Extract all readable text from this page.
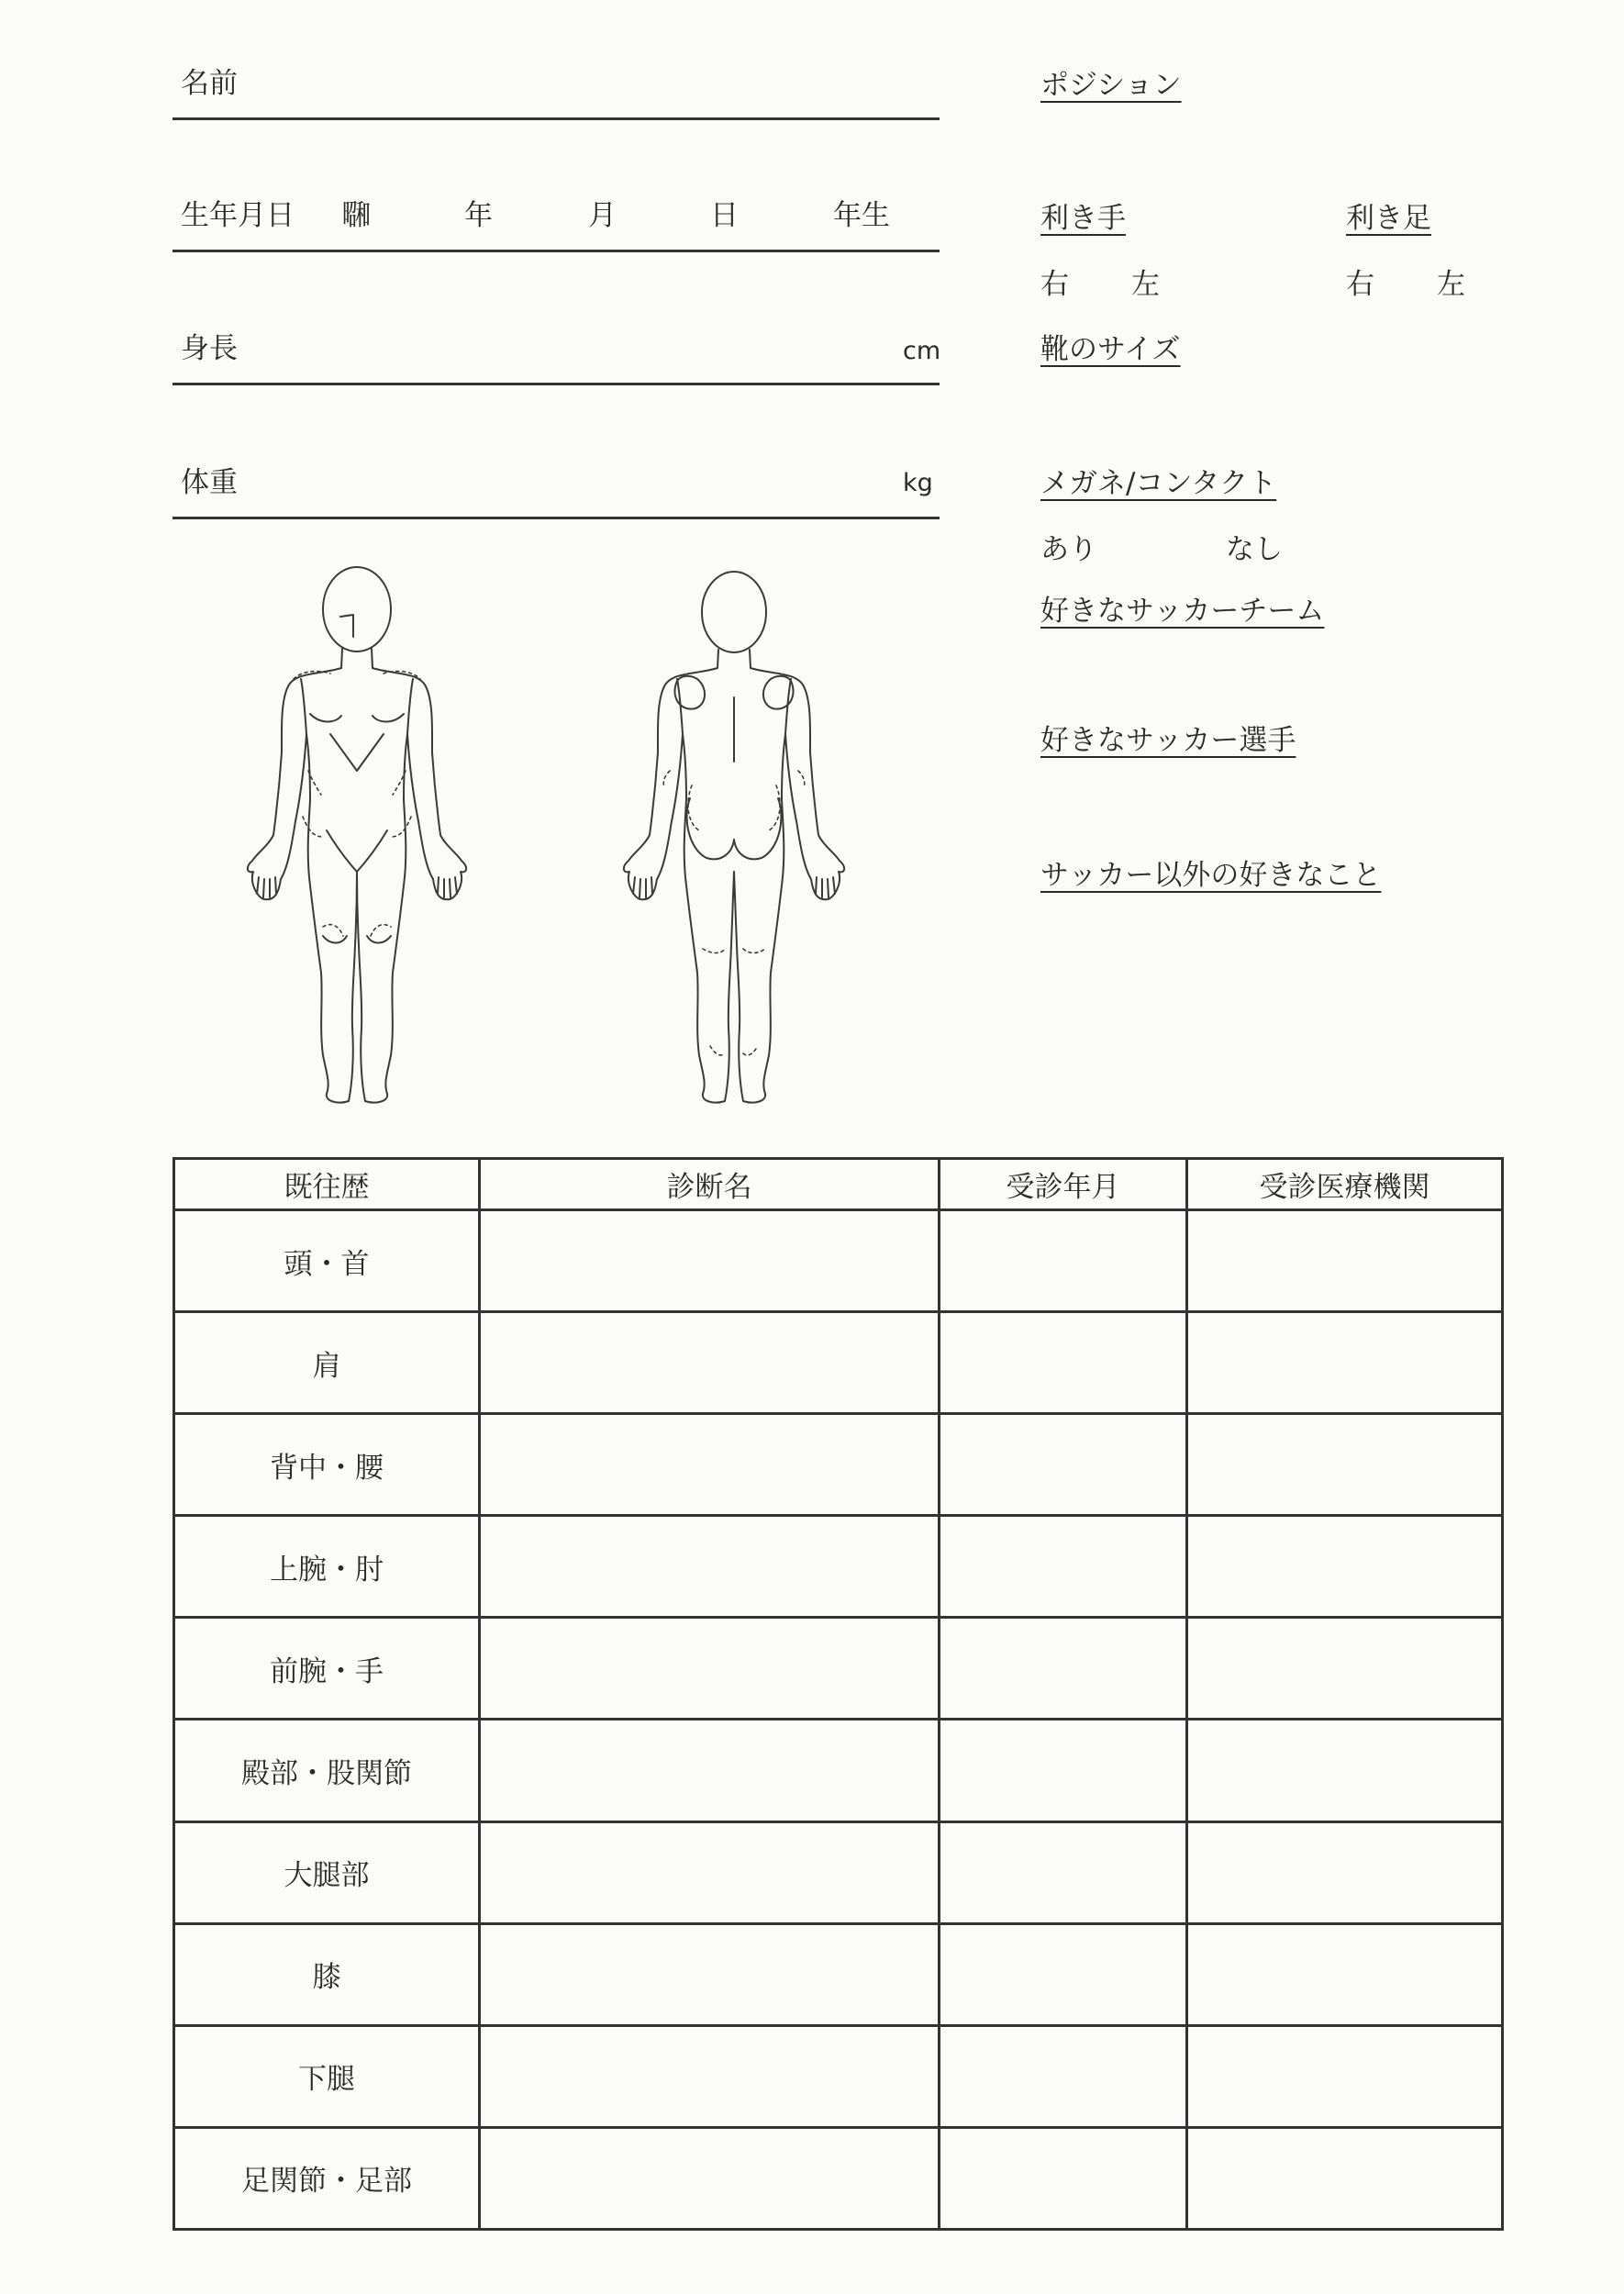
名前
生年月日 ㍼	年	月	日	年生
身長	cm
体重	kg
ポジション
利き手	利き足
右 左	右 左
靴のサイズ
メガネ/コンタクト
あり	なし
好きなサッカーチーム
好きなサッカー選手
サッカー以外の好きなこと
既往歴	診断名	受診年月	受診医療機関
頭・首			
肩			
背中・腰			
上腕・肘			
前腕・手			
殿部・股関節			
大腿部			
膝			
下腿			
足関節・足部			
